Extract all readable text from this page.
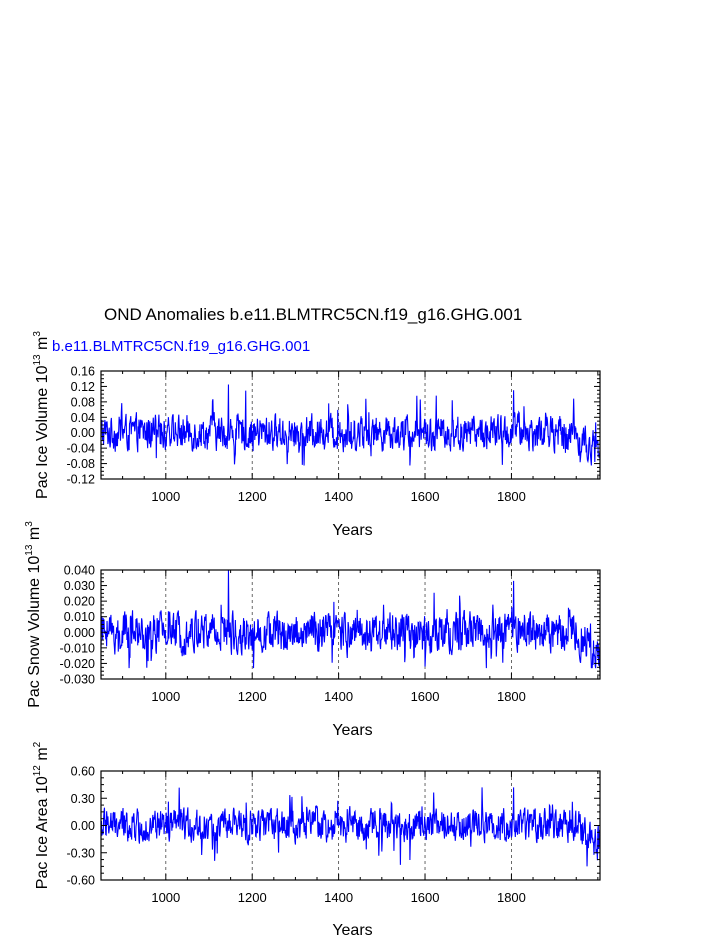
OND Anomalies b.e11.BLMTRC5CN.f19_g16.GHG.001
b.e11.BLMTRC5CN.f19_g16.GHG.001
1000	1200	1400	1600	1800
0.16
0.12
0.08
0.04
0.00
-0.04
-0.08
-0.12
Years
Pac Ice Volume $10^{13}$ $m^3$
1000	1200	1400	1600	1800
0.040
0.030
0.020
0.010
0.000
-0.010
-0.020
-0.030
Years
Pac Snow Volume $10^{13}$ $m^3$
1000	1200	1400	1600	1800
0.60
0.30
0.00
-0.30
-0.60
Years
Pac Ice Area $10^{12}$ $m^2$
